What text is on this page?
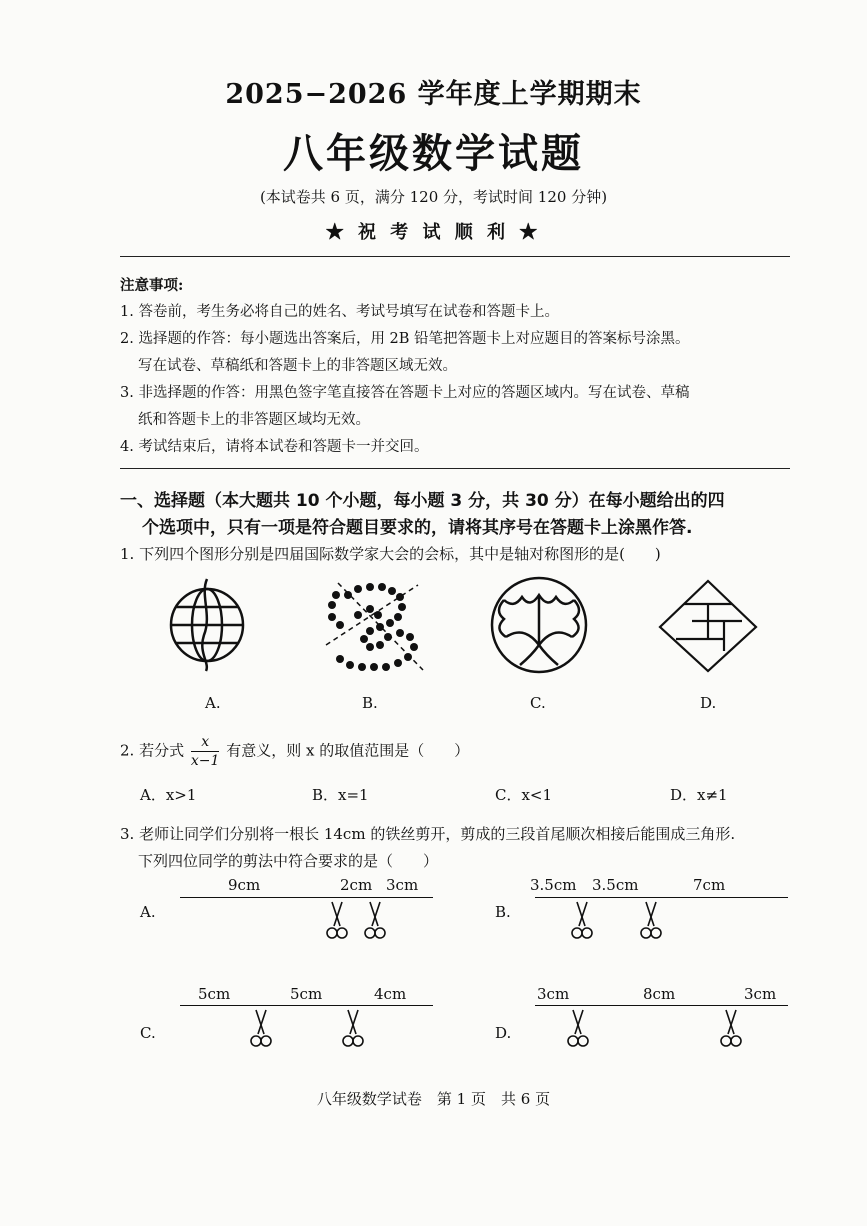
2025−2026 学年度上学期期末
八年级数学试题
(本试卷共 6 页，满分 120 分，考试时间 120 分钟)
★ 祝 考 试 顺 利 ★
注意事项:
1. 答卷前，考生务必将自己的姓名、考试号填写在试卷和答题卡上。
2. 选择题的作答：每小题选出答案后，用 2B 铅笔把答题卡上对应题目的答案标号涂黑。
写在试卷、草稿纸和答题卡上的非答题区域无效。
3. 非选择题的作答：用黑色签字笔直接答在答题卡上对应的答题区域内。写在试卷、草稿
纸和答题卡上的非答题区域均无效。
4. 考试结束后，请将本试卷和答题卡一并交回。
一、选择题（本大题共 10 个小题，每小题 3 分，共 30 分）在每小题给出的四
个选项中，只有一项是符合题目要求的，请将其序号在答题卡上涂黑作答.
1. 下列四个图形分别是四届国际数学家大会的会标，其中是轴对称图形的是(　　)
A.	B.	C.	D.
2. 若分式 $\frac{x}{x-1}$ 有意义，则 x 的取值范围是（　　）
A．x>1	B．x=1	C．x<1	D．x≠1
3. 老师让同学们分别将一根长 14cm 的铁丝剪开，剪成的三段首尾顺次相接后能围成三角形.
下列四位同学的剪法中符合要求的是（　　）
A.
9cm	2cm 3cm
B.
3.5cm 3.5cm	7cm
C.
5cm	5cm	4cm
D.
3cm	8cm	3cm
八年级数学试卷　第 1 页　共 6 页
